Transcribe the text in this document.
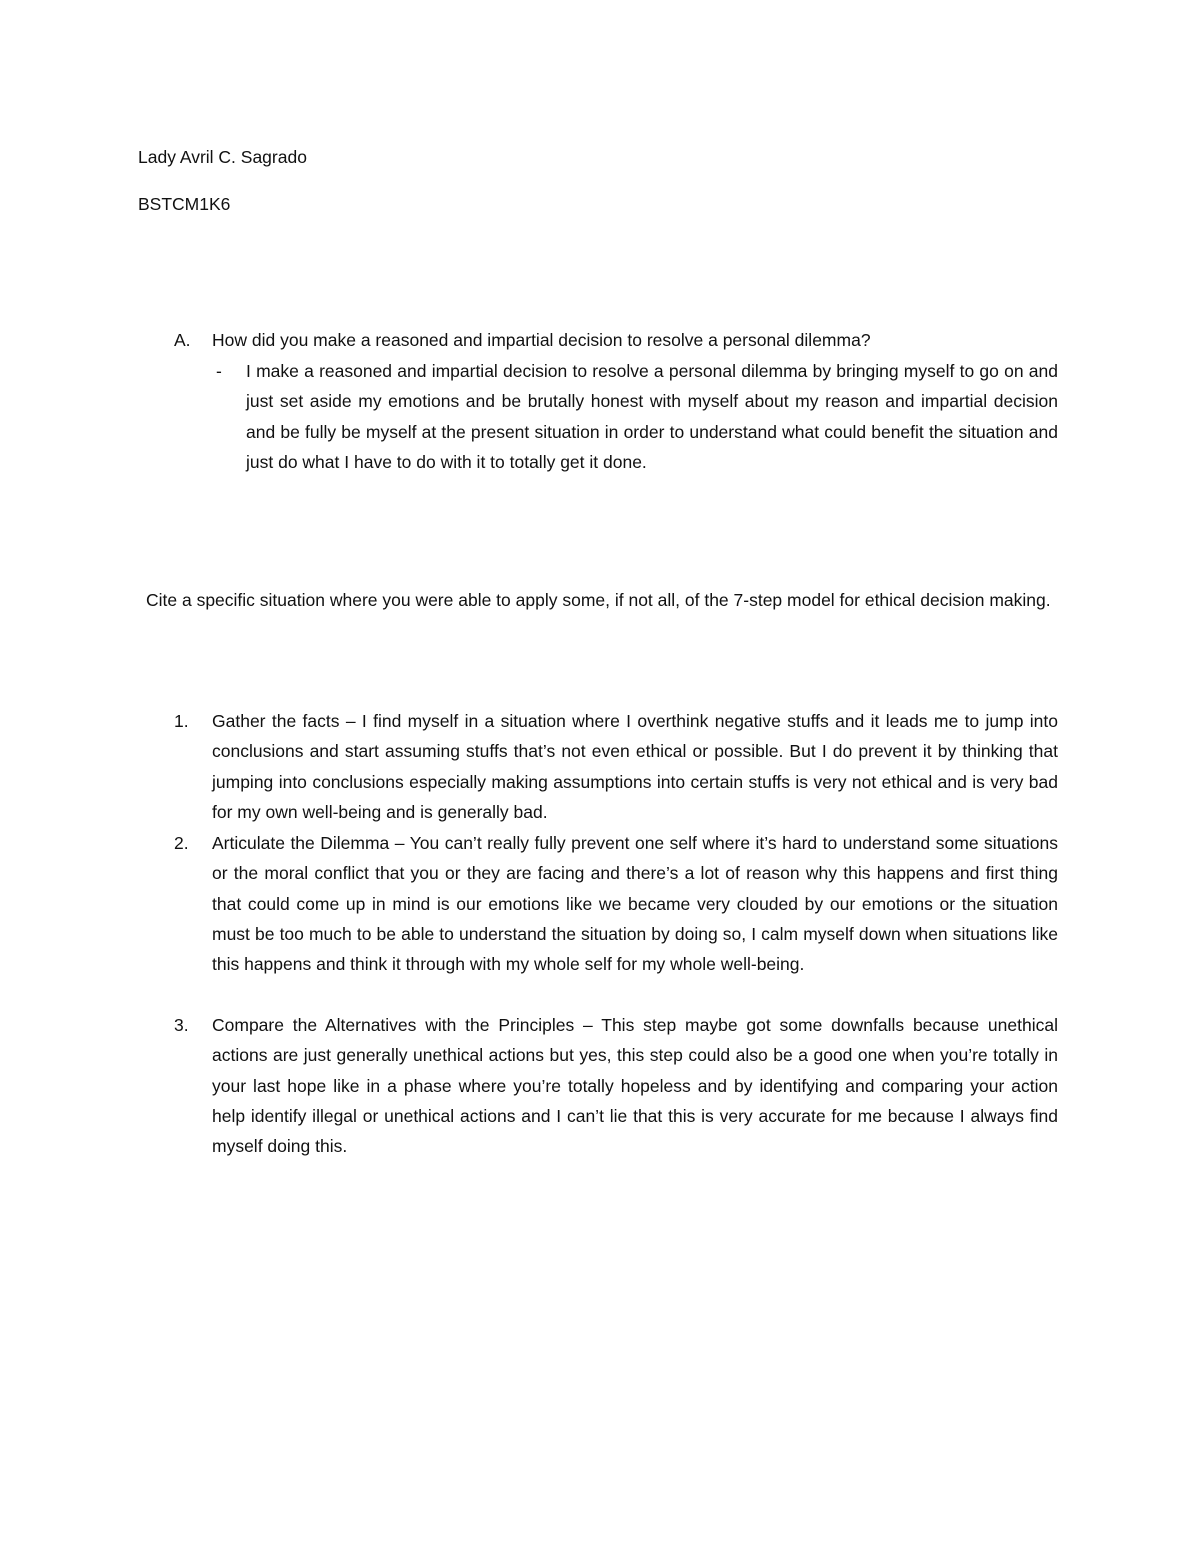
Lady Avril C. Sagrado
BSTCM1K6
A. How did you make a reasoned and impartial decision to resolve a personal dilemma?
- I make a reasoned and impartial decision to resolve a personal dilemma by bringing myself to go on and just set aside my emotions and be brutally honest with myself about my reason and impartial decision and be fully be myself at the present situation in order to understand what could benefit the situation and just do what I have to do with it to totally get it done.
Cite a specific situation where you were able to apply some, if not all, of the 7-step model for ethical decision making.
1. Gather the facts – I find myself in a situation where I overthink negative stuffs and it leads me to jump into conclusions and start assuming stuffs that’s not even ethical or possible. But I do prevent it by thinking that jumping into conclusions especially making assumptions into certain stuffs is very not ethical and is very bad for my own well-being and is generally bad.
2. Articulate the Dilemma – You can’t really fully prevent one self where it’s hard to understand some situations or the moral conflict that you or they are facing and there’s a lot of reason why this happens and first thing that could come up in mind is our emotions like we became very clouded by our emotions or the situation must be too much to be able to understand the situation by doing so, I calm myself down when situations like this happens and think it through with my whole self for my whole well-being.
3. Compare the Alternatives with the Principles – This step maybe got some downfalls because unethical actions are just generally unethical actions but yes, this step could also be a good one when you’re totally in your last hope like in a phase where you’re totally hopeless and by identifying and comparing your action help identify illegal or unethical actions and I can’t lie that this is very accurate for me because I always find myself doing this.
